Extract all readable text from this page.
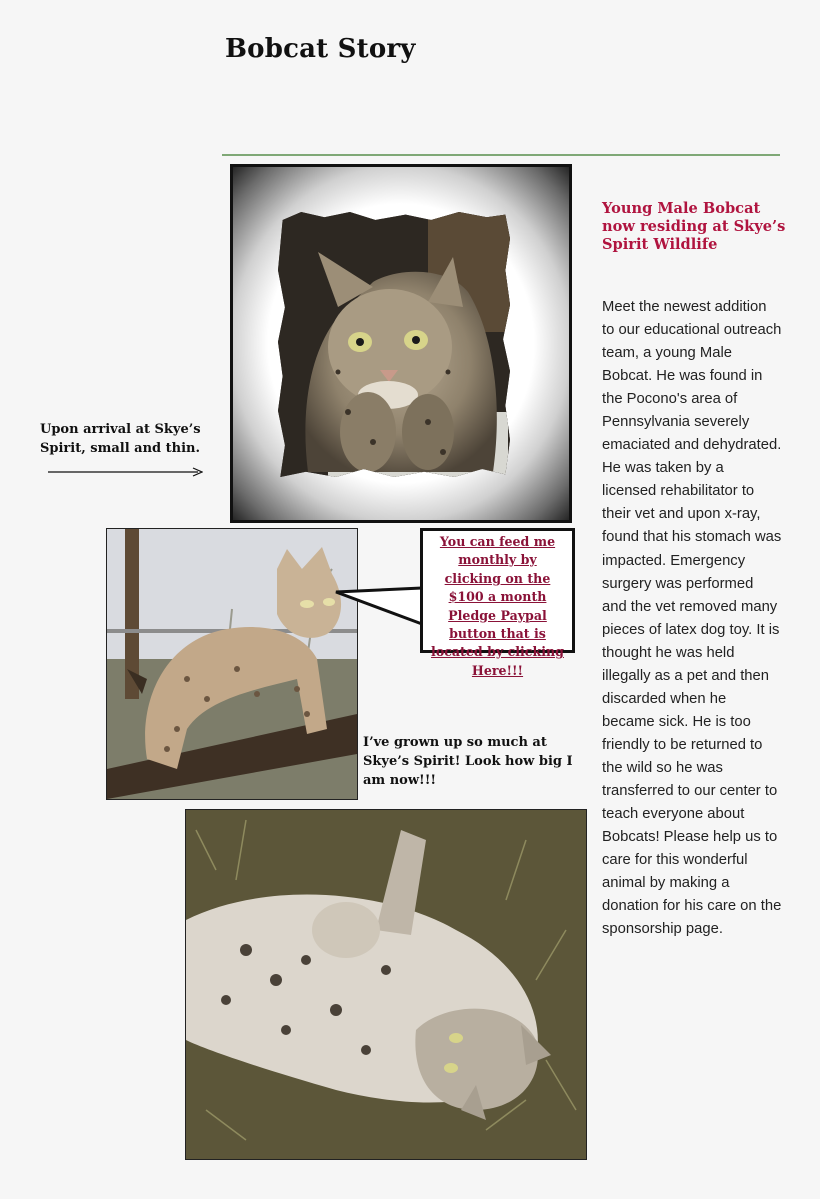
Bobcat Story
Upon arrival at Skye’s Spirit, small and thin.
You can feed me monthly by clicking on the $100 a month Pledge Paypal button that is located by clicking Here!!!
I’ve grown up so much at Skye’s Spirit! Look how big I am now!!!
Young Male Bobcat now residing at Skye’s Spirit Wildlife
Meet the newest addition to our educational outreach team, a young Male Bobcat. He was found in the Pocono's area of Pennsylvania severely emaciated and dehydrated. He was taken by a licensed rehabilitator to their vet and upon x-ray, found that his stomach was impacted. Emergency surgery was performed and the vet removed many pieces of latex dog toy. It is thought he was held illegally as a pet and then discarded when he became sick. He is too friendly to be returned to the wild so he was transferred to our center to teach everyone about Bobcats! Please help us to care for this wonderful animal by making a donation for his care on the sponsorship page.
